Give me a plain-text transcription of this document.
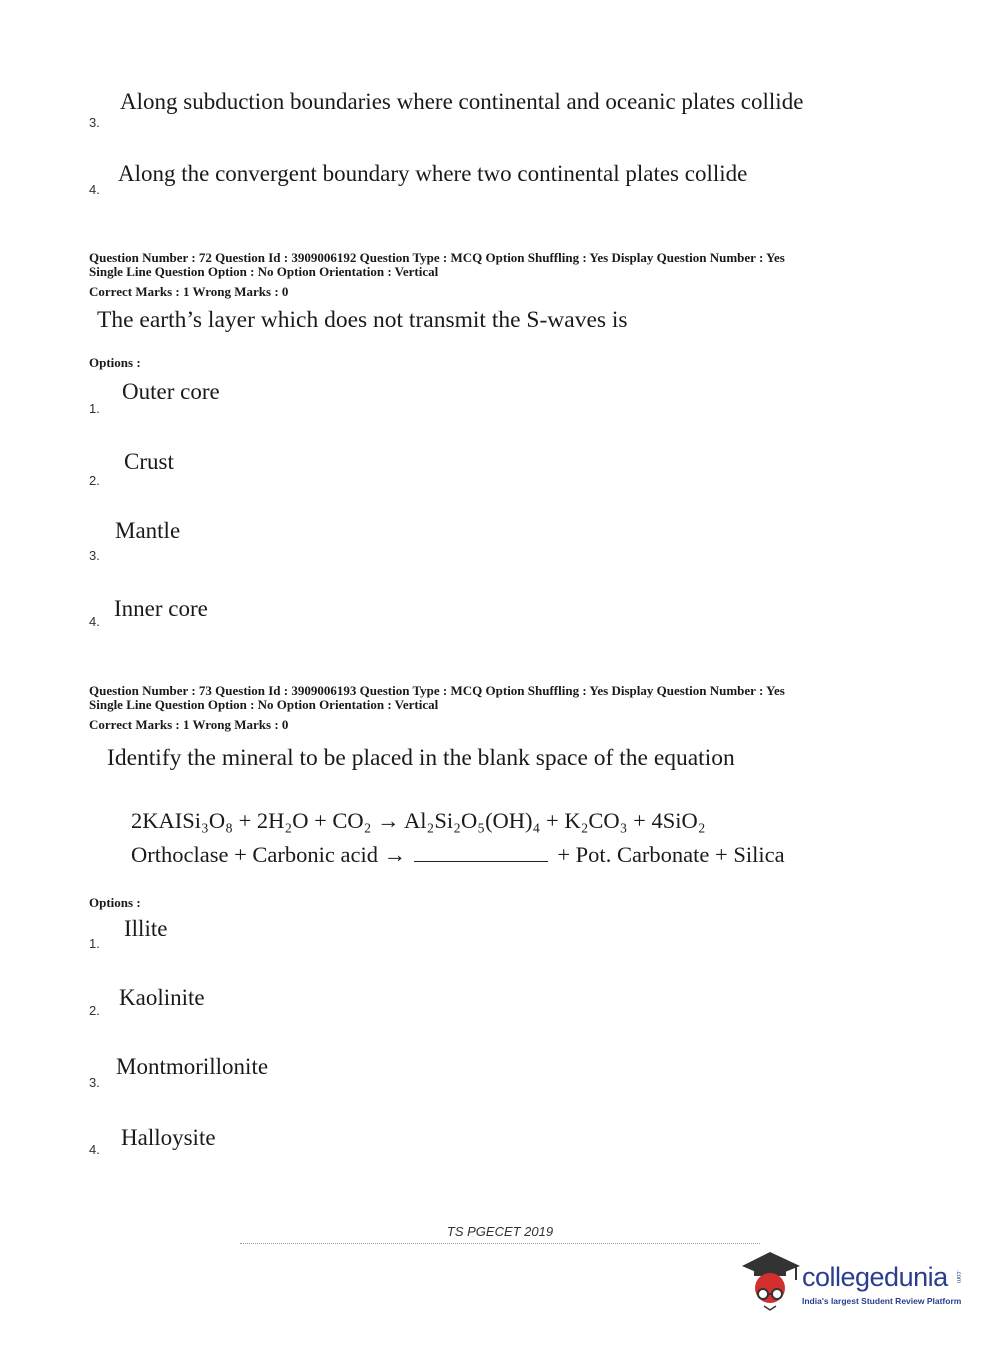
Along subduction boundaries where continental and oceanic plates collide
3.
Along the convergent boundary where two continental plates collide
4.
Question Number : 72 Question Id : 3909006192 Question Type : MCQ Option Shuffling : Yes Display Question Number : Yes
Single Line Question Option : No Option Orientation : Vertical
Correct Marks : 1 Wrong Marks : 0
The earth’s layer which does not transmit the S-waves is
Options :
Outer core
1.
Crust
2.
Mantle
3.
Inner core
4.
Question Number : 73 Question Id : 3909006193 Question Type : MCQ Option Shuffling : Yes Display Question Number : Yes
Single Line Question Option : No Option Orientation : Vertical
Correct Marks : 1 Wrong Marks : 0
Identify the mineral to be placed in the blank space of the equation
2KAISi₃O₈ + 2H₂O + CO₂ → Al₂Si₂O₅(OH)₄ + K₂CO₃ + 4SiO₂
Orthoclase + Carbonic acid →	+ Pot. Carbonate + Silica
Options :
Illite
1.
Kaolinite
2.
Montmorillonite
3.
Halloysite
4.
TS PGECET 2019
collegedunia .com
India's largest Student Review Platform
